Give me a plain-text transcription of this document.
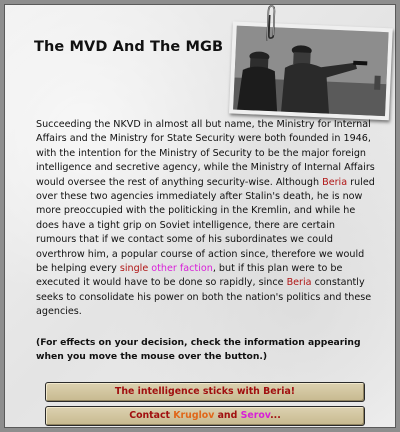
The MVD And The MGB
Succeeding the NKVD in almost all but name, the Ministry for Internal Affairs and the Ministry for State Security were both founded in 1946, with the intention for the Ministry of Security to be the major foreign intelligence and secretive agency, while the Ministry of Internal Affairs would oversee the rest of anything security-wise. Although Beria ruled over these two agencies immediately after Stalin's death, he is now more preoccupied with the politicking in the Kremlin, and while he does have a tight grip on Soviet intelligence, there are certain rumours that if we contact some of his subordinates we could overthrow him, a popular course of action since, therefore we would be helping every single other faction, but if this plan were to be executed it would have to be done so rapidly, since Beria constantly seeks to consolidate his power on both the nation's politics and these agencies.
(For effects on your decision, check the information appearing when you move the mouse over the button.)
The intelligence sticks with Beria!
Contact Kruglov and Serov...
